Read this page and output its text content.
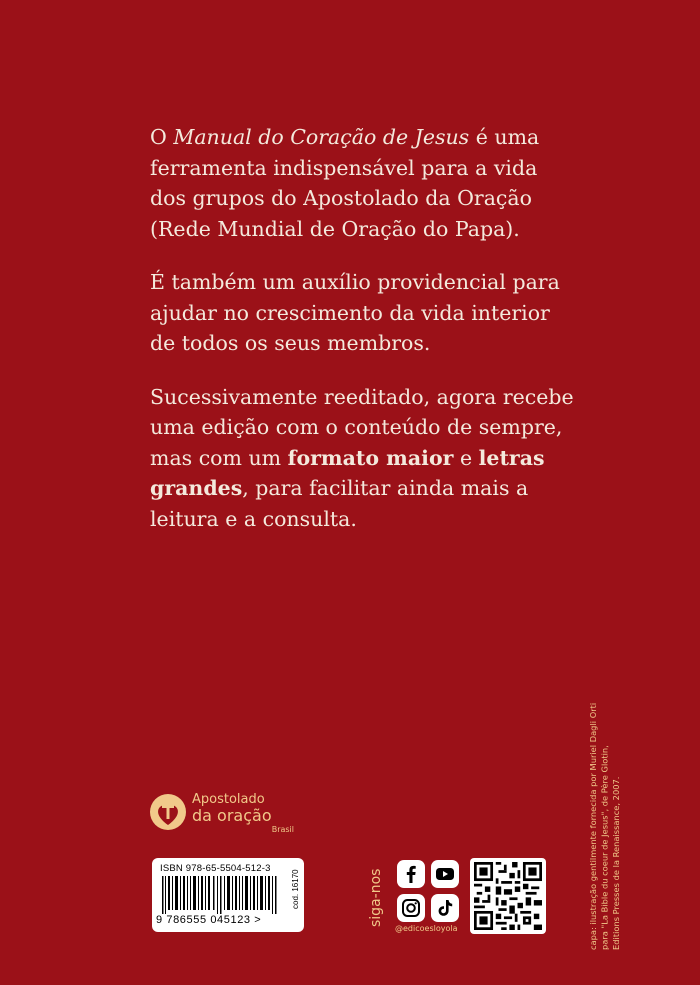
O Manual do Coração de Jesus é uma ferramenta indispensável para a vida dos grupos do Apostolado da Oração (Rede Mundial de Oração do Papa).

É também um auxílio providencial para ajudar no crescimento da vida interior de todos os seus membros.

Sucessivamente reeditado, agora recebe uma edição com o conteúdo de sempre, mas com um formato maior e letras grandes, para facilitar ainda mais a leitura e a consulta.

Apostolado
da oração
Brasil
ISBN 978-65-5504-512-3
9 786555 045123 >
cod. 16170	siga-nos
@edicoesloyola	capa: ilustração gentilmente fornecida por Muriel Dagli Orti para "La Bible du coeur de Jesus", de Père Glotin, Editions Presses de la Renaissance, 2007.
